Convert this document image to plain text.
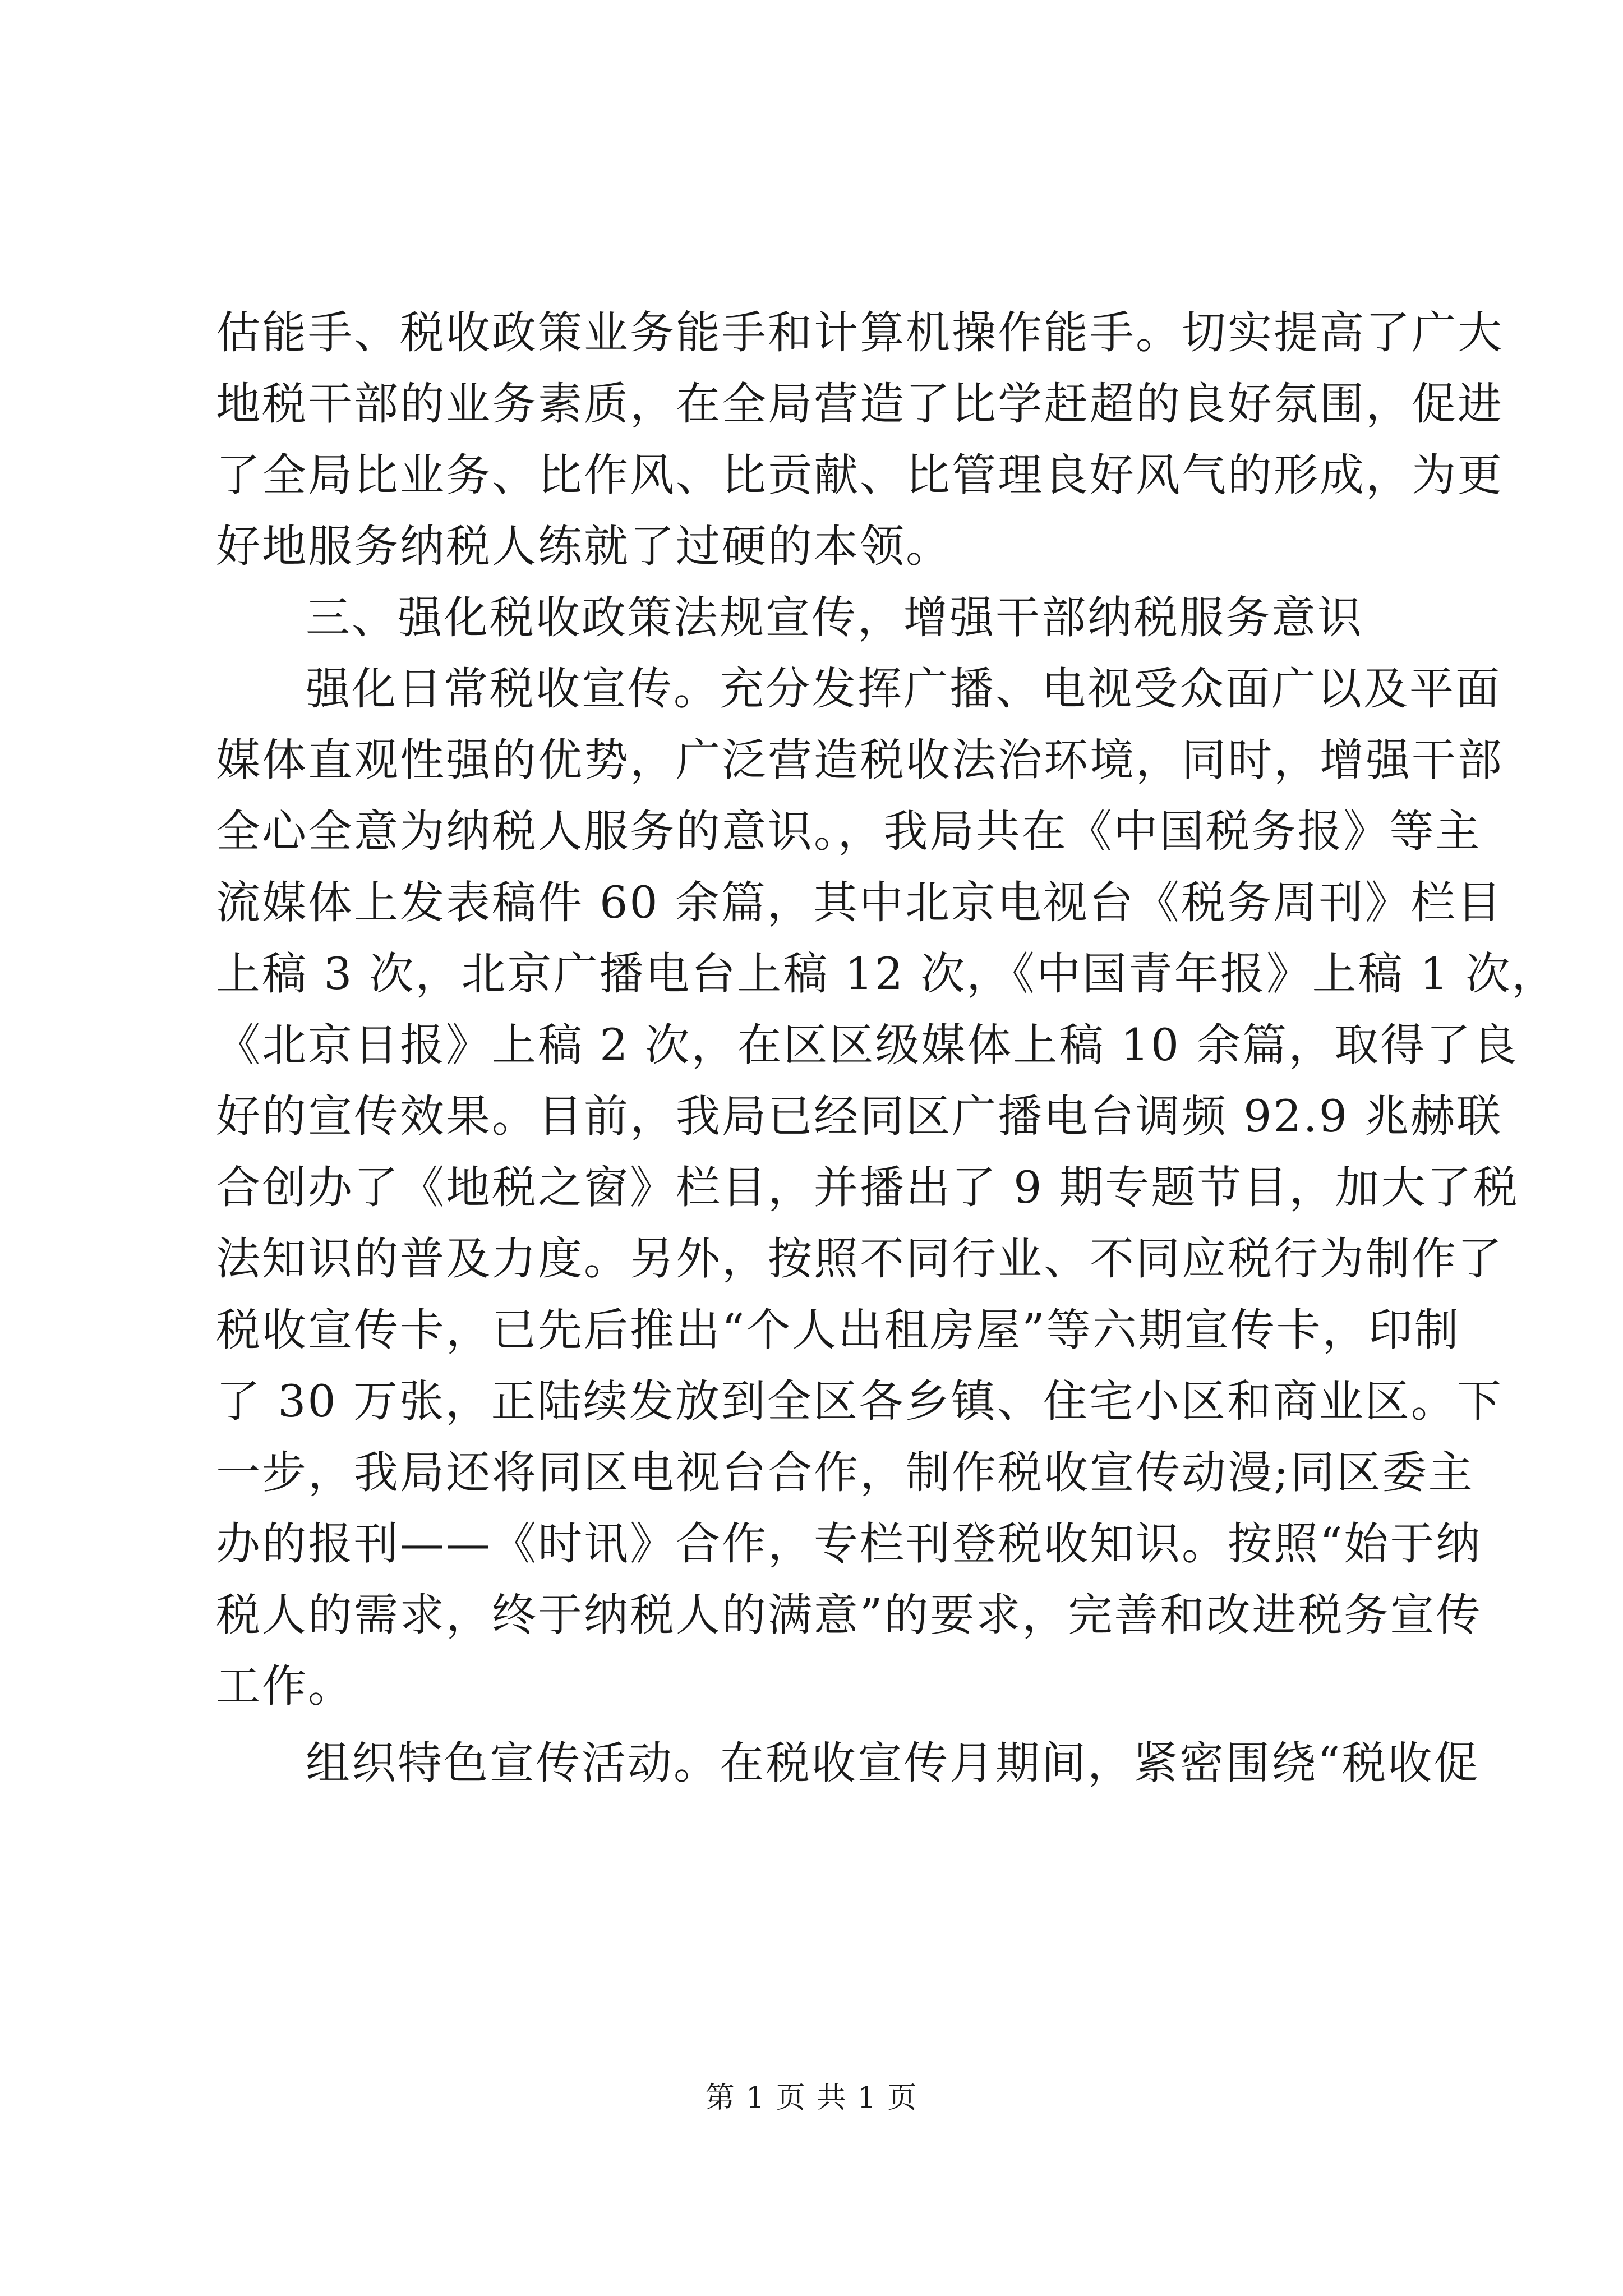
估能手、税收政策业务能手和计算机操作能手。切实提高了广大
地税干部的业务素质，在全局营造了比学赶超的良好氛围，促进
了全局比业务、比作风、比贡献、比管理良好风气的形成，为更
好地服务纳税人练就了过硬的本领。
三、强化税收政策法规宣传，增强干部纳税服务意识
强化日常税收宣传。充分发挥广播、电视受众面广以及平面
媒体直观性强的优势，广泛营造税收法治环境，同时，增强干部
全心全意为纳税人服务的意识。，我局共在《中国税务报》等主
流媒体上发表稿件 60 余篇，其中北京电视台《税务周刊》栏目
上稿 3 次，北京广播电台上稿 12 次，《中国青年报》上稿 1 次，
《北京日报》上稿 2 次，在区区级媒体上稿 10 余篇，取得了良
好的宣传效果。目前，我局已经同区广播电台调频 92.9 兆赫联
合创办了《地税之窗》栏目，并播出了 9 期专题节目，加大了税
法知识的普及力度。另外，按照不同行业、不同应税行为制作了
税收宣传卡，已先后推出“个人出租房屋”等六期宣传卡，印制
了 30 万张，正陆续发放到全区各乡镇、住宅小区和商业区。下
一步，我局还将同区电视台合作，制作税收宣传动漫;同区委主
办的报刊——《时讯》合作，专栏刊登税收知识。按照“始于纳
税人的需求，终于纳税人的满意”的要求，完善和改进税务宣传
工作。
组织特色宣传活动。在税收宣传月期间，紧密围绕“税收促
第 1 页 共 1 页
